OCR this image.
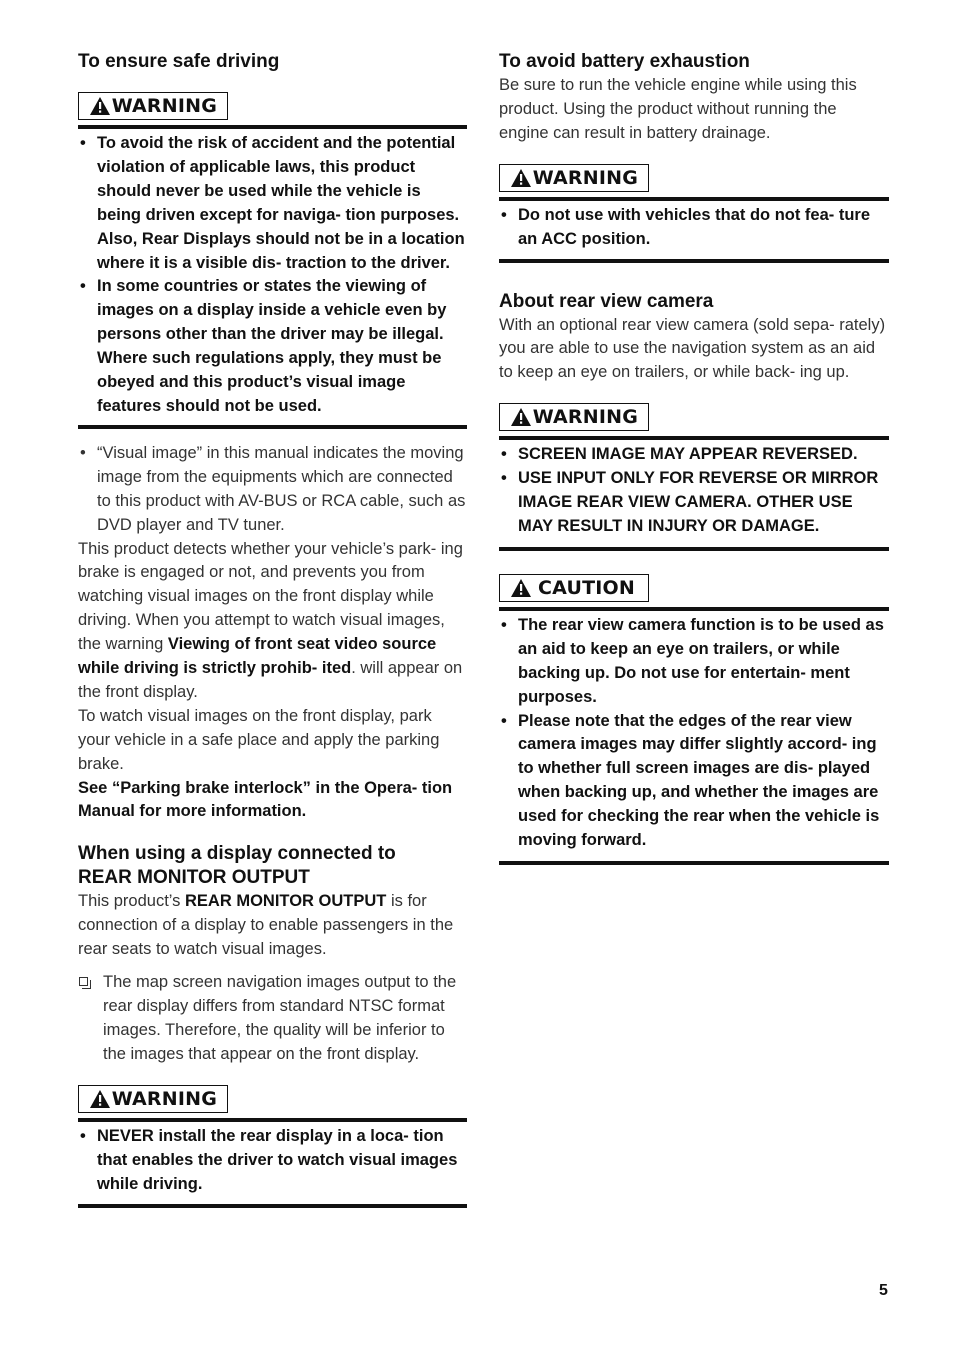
To ensure safe driving
WARNING
• To avoid the risk of accident and the potential violation of applicable laws, this product should never be used while the vehicle is being driven except for naviga- tion purposes. Also, Rear Displays should not be in a location where it is a visible dis- traction to the driver.
• In some countries or states the viewing of images on a display inside a vehicle even by persons other than the driver may be illegal. Where such regulations apply, they must be obeyed and this product’s visual image features should not be used.
• “Visual image” in this manual indicates the moving image from the equipments which are connected to this product with AV-BUS or RCA cable, such as DVD player and TV tuner.

This product detects whether your vehicle’s park- ing brake is engaged or not, and prevents you from watching visual images on the front display while driving. When you attempt to watch visual images, the warning Viewing of front seat video source while driving is strictly prohib- ited. will appear on the front display.

To watch visual images on the front display, park your vehicle in a safe place and apply the parking brake.

See “Parking brake interlock” in the Opera- tion Manual for more information.

When using a display connected to
REAR MONITOR OUTPUT

This product’s REAR MONITOR OUTPUT is for connection of a display to enable passengers in the rear seats to watch visual images.

The map screen navigation images output to the rear display differs from standard NTSC format images. Therefore, the quality will be inferior to the images that appear on the front display.

WARNING
• NEVER install the rear display in a loca- tion that enables the driver to watch visual images while driving.
To avoid battery exhaustion

Be sure to run the vehicle engine while using this product. Using the product without running the engine can result in battery drainage.

WARNING
• Do not use with vehicles that do not fea- ture an ACC position.
About rear view camera

With an optional rear view camera (sold sepa- rately) you are able to use the navigation system as an aid to keep an eye on trailers, or while back- ing up.

WARNING
• SCREEN IMAGE MAY APPEAR REVERSED.
• USE INPUT ONLY FOR REVERSE OR MIRROR IMAGE REAR VIEW CAMERA. OTHER USE MAY RESULT IN INJURY OR DAMAGE.
CAUTION
• The rear view camera function is to be used as an aid to keep an eye on trailers, or while backing up. Do not use for entertain- ment purposes.
• Please note that the edges of the rear view camera images may differ slightly accord- ing to whether full screen images are dis- played when backing up, and whether the images are used for checking the rear when the vehicle is moving forward.
5
